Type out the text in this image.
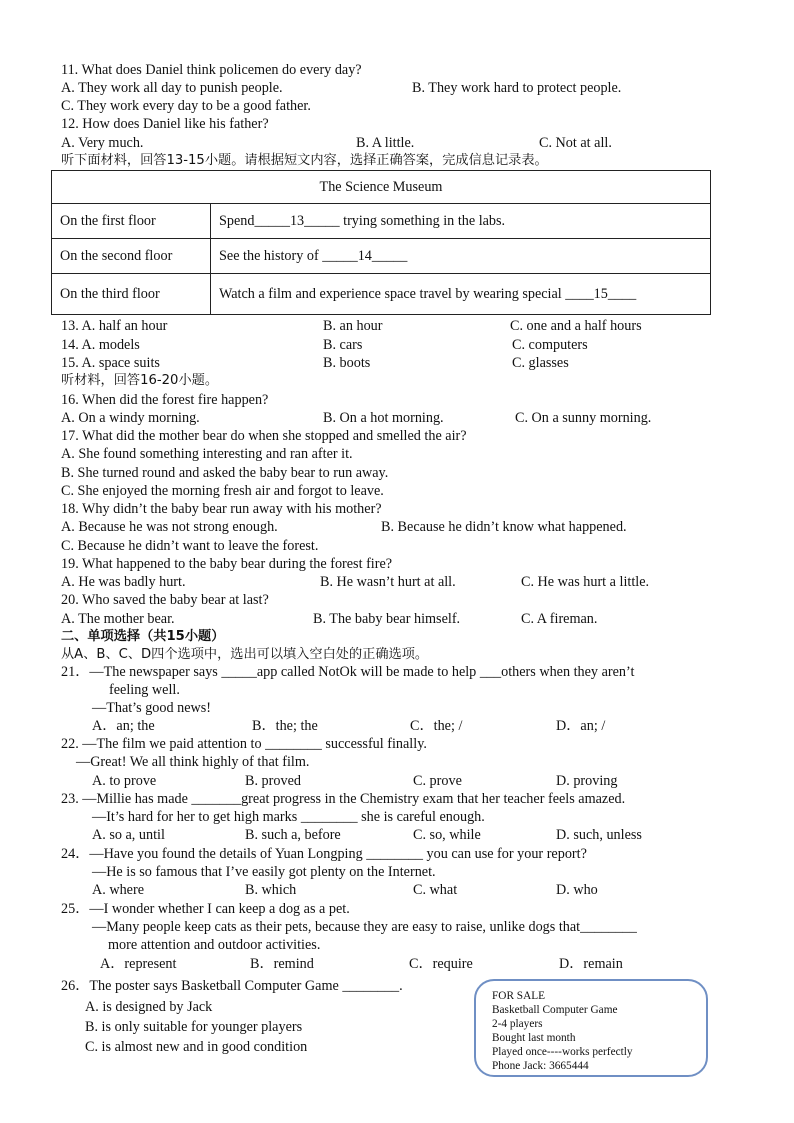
11. What does Daniel think policemen do every day?
A. They work all day to punish people.	B. They work hard to protect people.
C. They work every day to be a good father.
12. How does Daniel like his father?
A. Very much.	B. A little.	C. Not at all.
听下面材料，回答13-15小题。请根据短文内容，选择正确答案，完成信息记录表。
The Science Museum	
On the first floor	Spend_____13_____ trying something in the labs.
On the second floor	See the history of _____14_____
On the third floor	Watch a film and experience space travel by wearing special ____15____
13. A. half an hour	B. an hour	C. one and a half hours
14. A. models	B. cars	C. computers
15. A. space suits	B. boots	C. glasses
听材料，回答16-20小题。
16. When did the forest fire happen?
A. On a windy morning.	B. On a hot morning.	C. On a sunny morning.
17. What did the mother bear do when she stopped and smelled the air?
A. She found something interesting and ran after it.
B. She turned round and asked the baby bear to run away.
C. She enjoyed the morning fresh air and forgot to leave.
18. Why didn’t the baby bear run away with his mother?
A. Because he was not strong enough.	B. Because he didn’t know what happened.
C. Because he didn’t want to leave the forest.
19. What happened to the baby bear during the forest fire?
A. He was badly hurt.	B. He wasn’t hurt at all.	C. He was hurt a little.
20. Who saved the baby bear at last?
A. The mother bear.	B. The baby bear himself.	C. A fireman.
二、单项选择（共15小题）
从A、B、C、D四个选项中，选出可以填入空白处的正确选项。
21．—The newspaper says _____app called NotOk will be made to help ___others when they aren’t
feeling well.
—That’s good news!
A．an; the	B．the; the	C．the; /	D．an; /
22. —The film we paid attention to ________ successful finally.
—Great! We all think highly of that film.
A. to prove	B. proved	C. prove	D. proving
23. —Millie has made _______great progress in the Chemistry exam that her teacher feels amazed.
—It’s hard for her to get high marks ________ she is careful enough.
A. so a, until	B. such a, before	C. so, while	D. such, unless
24．—Have you found the details of Yuan Longping ________ you can use for your report?
—He is so famous that I’ve easily got plenty on the Internet.
A. where	B. which	C. what	D. who
25．—I wonder whether I can keep a dog as a pet.
—Many people keep cats as their pets, because they are easy to raise, unlike dogs that________
more attention and outdoor activities.
A．represent	B．remind	C．require	D．remain
26．The poster says Basketball Computer Game ________.
A. is designed by Jack
B. is only suitable for younger players
C. is almost new and in good condition
FOR SALE
Basketball Computer Game
2-4 players
Bought last month
Played once----works perfectly
Phone Jack: 3665444
